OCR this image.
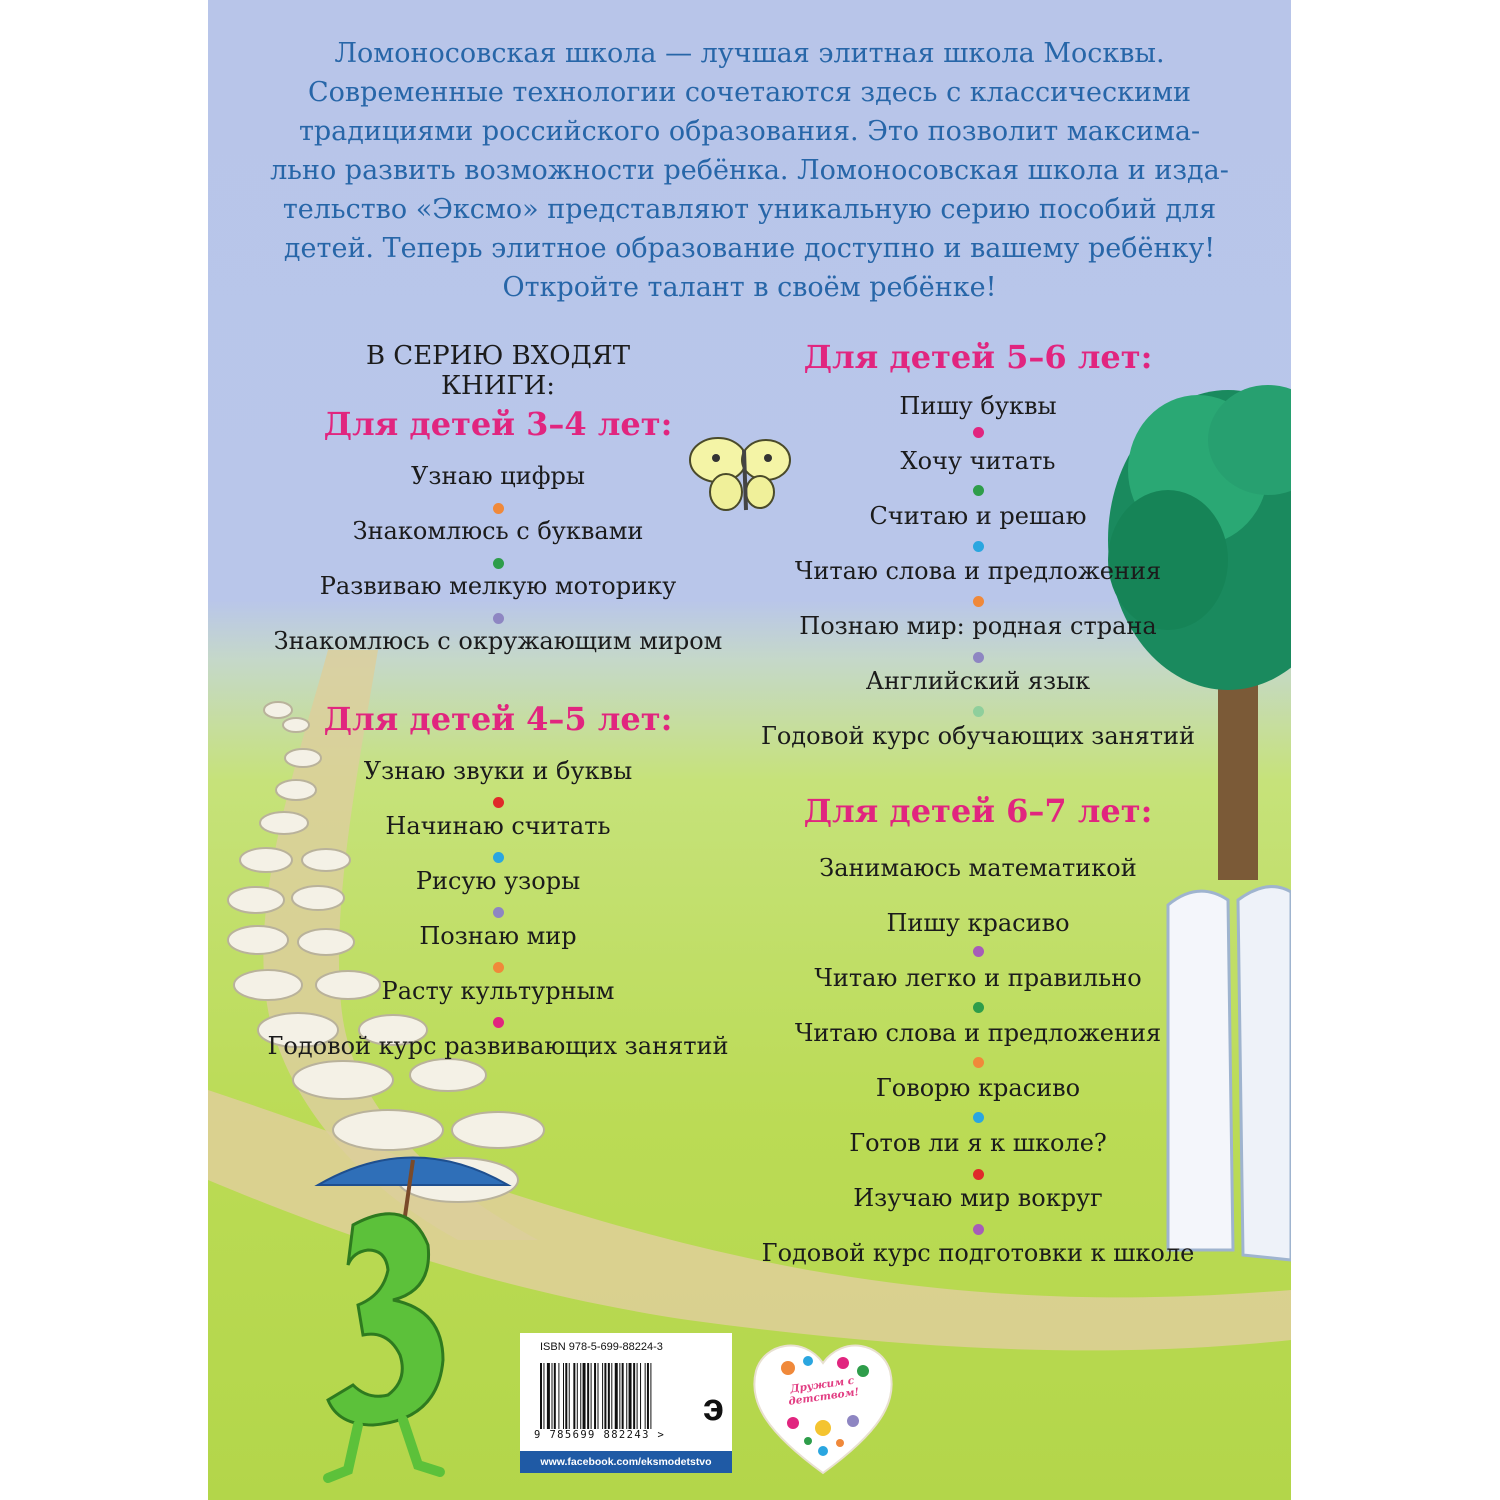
Ломоносовская школа — лучшая элитная школа Москвы.
Современные технологии сочетаются здесь с классическими
традициями российского образования. Это позволит максима-
льно развить возможности ребёнка. Ломоносовская школа и изда-
тельство «Эксмо» представляют уникальную серию пособий для
детей. Теперь элитное образование доступно и вашему ребёнку!
Откройте талант в своём ребёнке!
В СЕРИЮ ВХОДЯТ КНИГИ:
Для детей 3–4 лет:
Узнаю цифры
Знакомлюсь с буквами
Развиваю мелкую моторику
Знакомлюсь с окружающим миром
Для детей 4–5 лет:
Узнаю звуки и буквы
Начинаю считать
Рисую узоры
Познаю мир
Расту культурным
Годовой курс развивающих занятий
Для детей 5–6 лет:
Пишу буквы
Хочу читать
Считаю и решаю
Читаю слова и предложения
Познаю мир: родная страна
Английский язык
Годовой курс обучающих занятий
Для детей 6–7 лет:
Занимаюсь математикой
Пишу красиво
Читаю легко и правильно
Читаю слова и предложения
Говорю красиво
Готов ли я к школе?
Изучаю мир вокруг
Годовой курс подготовки к школе
ISBN 978-5-699-88224-3
9 785699 882243 >
э
www.facebook.com/eksmodetstvo
Дружим с детством!
